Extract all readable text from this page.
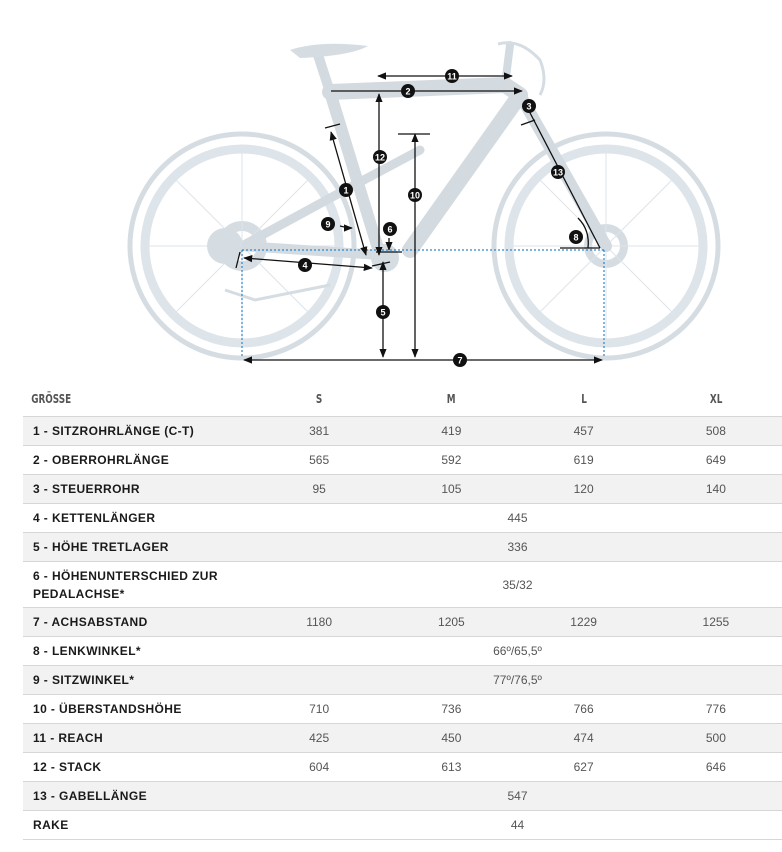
1
2
3
4
5
6
7
8
9
10
11
12
13
GRÖSSE	S	M	L	XL
1 - SITZROHRLÄNGE (C-T)	381	419	457	508
2 - OBERROHRLÄNGE	565	592	619	649
3 - STEUERROHR	95	105	120	140
4 - KETTENLÄNGER	445			
5 - HÖHE TRETLAGER	336			
6 - HÖHENUNTERSCHIED ZUR PEDALACHSE*	35/32			
7 - ACHSABSTAND	1180	1205	1229	1255
8 - LENKWINKEL*	66º/65,5º			
9 - SITZWINKEL*	77º/76,5º			
10 - ÜBERSTANDSHÖHE	710	736	766	776
11 - REACH	425	450	474	500
12 - STACK	604	613	627	646
13 - GABELLÄNGE	547			
RAKE	44			
